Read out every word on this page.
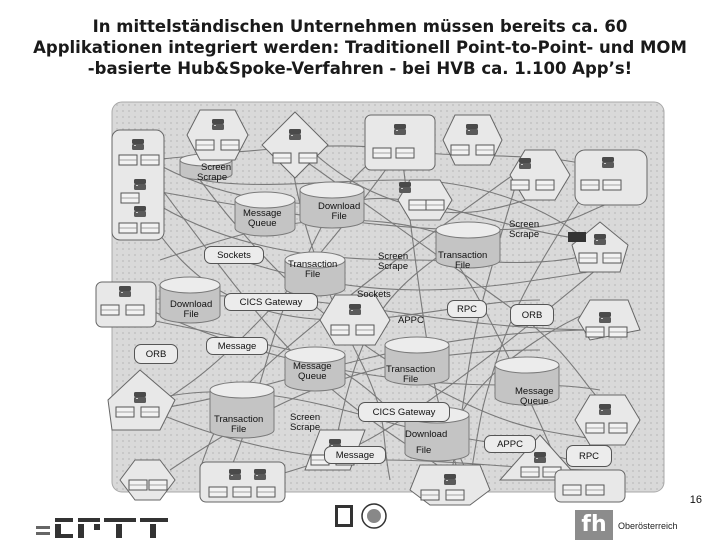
In mittelständischen Unternehmen müssen bereits ca. 60
Applikationen integriert werden: Traditionell Point-to-Point- und MOM
-basierte Hub&Spoke-Verfahren - bei HVB ca. 1.100 App’s!
Screen
Scrape
Message
Queue
Download
File
Screen
Scrape
Sockets
Transaction
File
Screen
Scrape
Transaction
File
Download
File
CICS Gateway
Sockets
RPC
APPC	ORB
ORB
Message
Message
Queue
Transaction
File
Message
Queue
Transaction
File
Screen
Scrape
CICS Gateway
Download
File
Message
APPC
RPC
16
fh	Oberösterreich
